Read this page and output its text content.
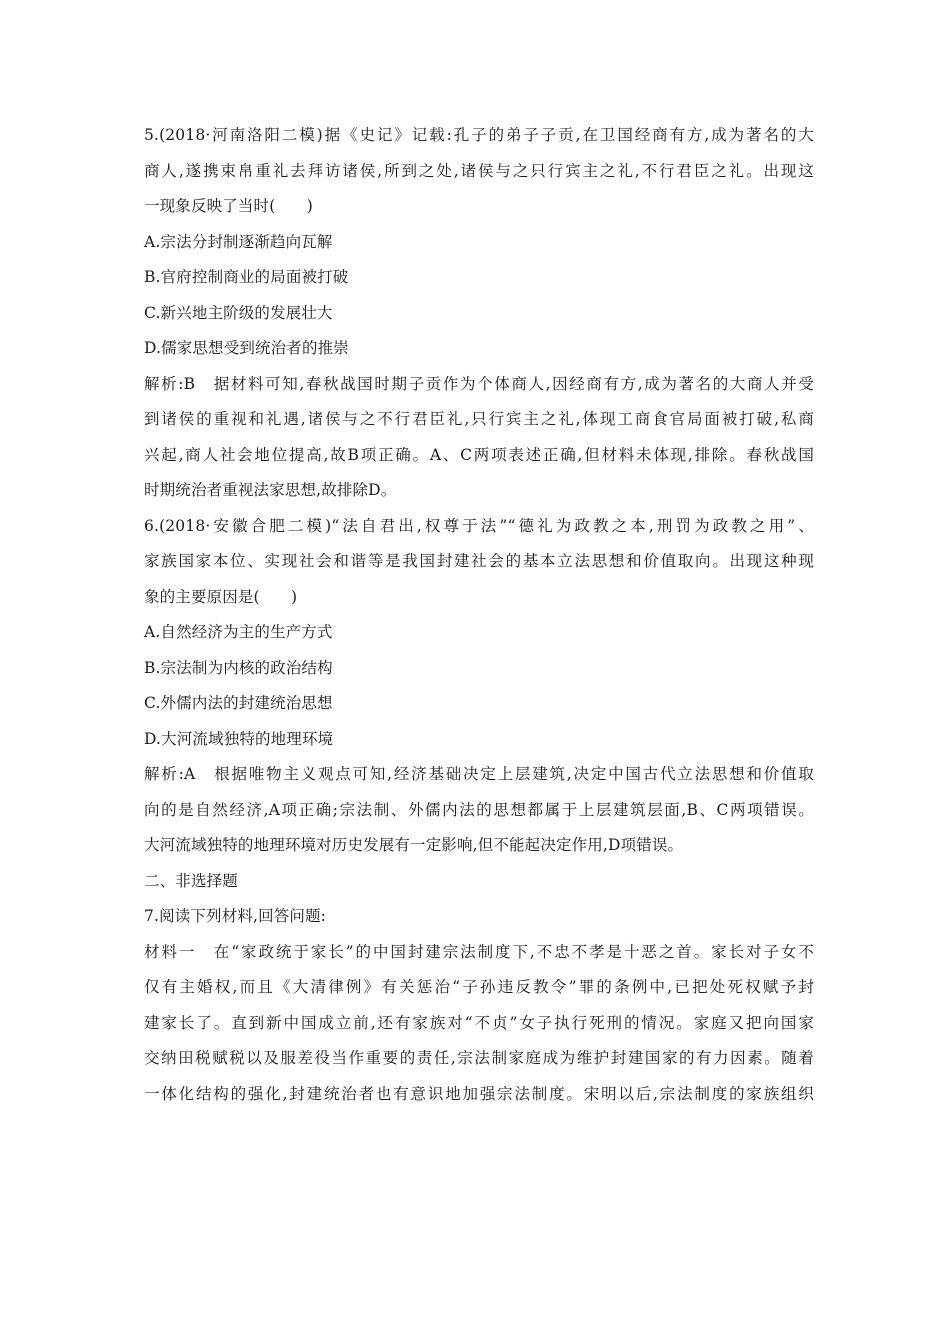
5.(2018·河南洛阳二模)据《史记》记载:孔子的弟子子贡,在卫国经商有方,成为著名的大
商人,遂携束帛重礼去拜访诸侯,所到之处,诸侯与之只行宾主之礼,不行君臣之礼。出现这
一现象反映了当时(　　)
A.宗法分封制逐渐趋向瓦解
B.官府控制商业的局面被打破
C.新兴地主阶级的发展壮大
D.儒家思想受到统治者的推崇
解析:B　据材料可知,春秋战国时期子贡作为个体商人,因经商有方,成为著名的大商人并受
到诸侯的重视和礼遇,诸侯与之不行君臣礼,只行宾主之礼,体现工商食官局面被打破,私商
兴起,商人社会地位提高,故B项正确。A、C两项表述正确,但材料未体现,排除。春秋战国
时期统治者重视法家思想,故排除D。
6.(2018·安徽合肥二模)“法自君出,权尊于法”“德礼为政教之本,刑罚为政教之用”、
家族国家本位、实现社会和谐等是我国封建社会的基本立法思想和价值取向。出现这种现
象的主要原因是(　　)
A.自然经济为主的生产方式
B.宗法制为内核的政治结构
C.外儒内法的封建统治思想
D.大河流域独特的地理环境
解析:A　根据唯物主义观点可知,经济基础决定上层建筑,决定中国古代立法思想和价值取
向的是自然经济,A项正确;宗法制、外儒内法的思想都属于上层建筑层面,B、C两项错误。
大河流域独特的地理环境对历史发展有一定影响,但不能起决定作用,D项错误。
二、非选择题
7.阅读下列材料,回答问题:
材料一　在“家政统于家长”的中国封建宗法制度下,不忠不孝是十恶之首。家长对子女不
仅有主婚权,而且《大清律例》有关惩治“子孙违反教令”罪的条例中,已把处死权赋予封
建家长了。直到新中国成立前,还有家族对“不贞”女子执行死刑的情况。家庭又把向国家
交纳田税赋税以及服差役当作重要的责任,宗法制家庭成为维护封建国家的有力因素。随着
一体化结构的强化,封建统治者也有意识地加强宗法制度。宋明以后,宗法制度的家族组织
